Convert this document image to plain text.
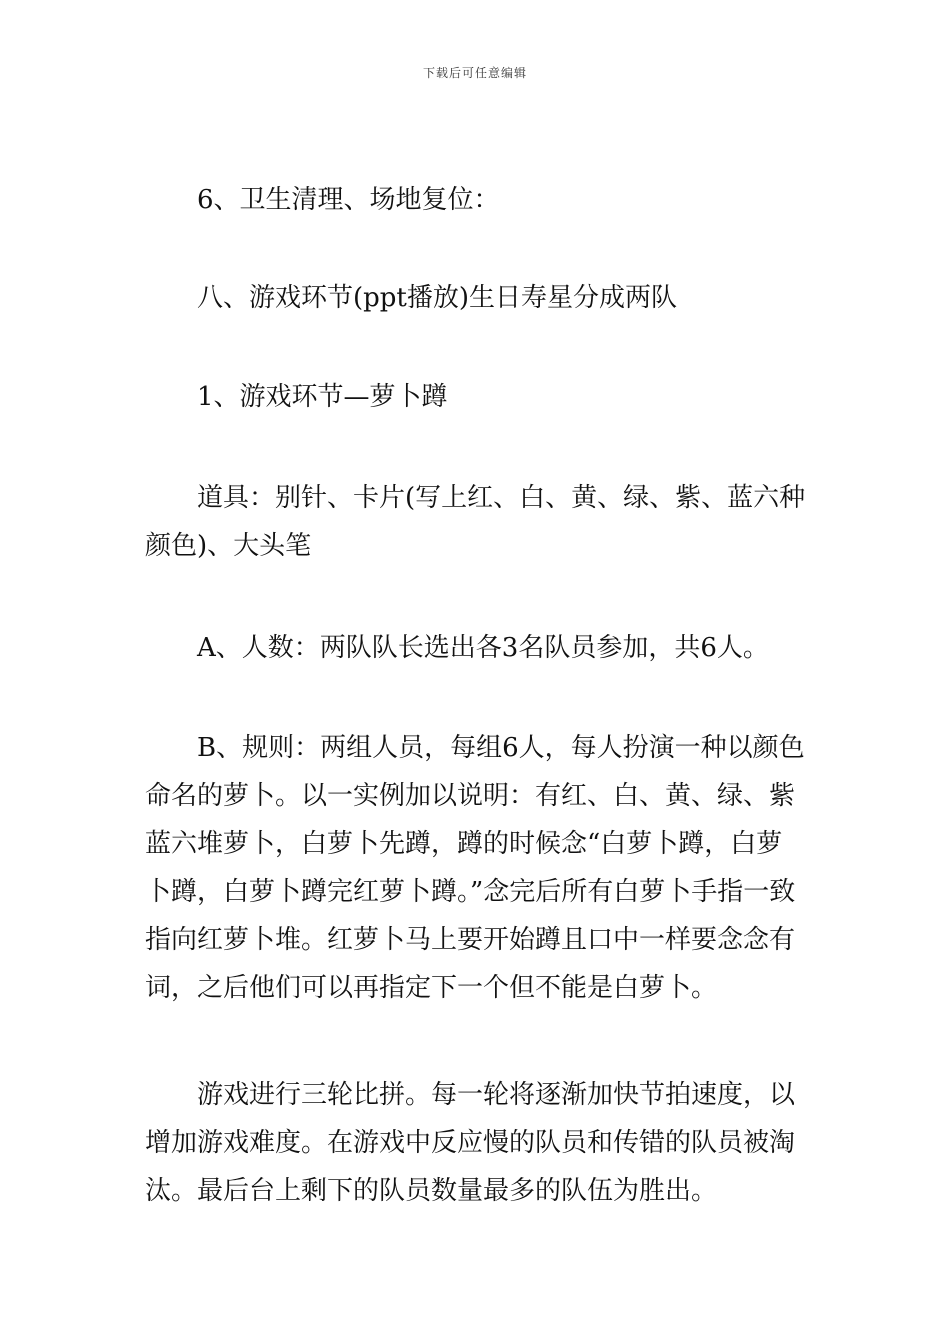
下载后可任意编辑

6、卫生清理、场地复位：

八、游戏环节(ppt播放)生日寿星分成两队

1、游戏环节—萝卜蹲

道具：别针、卡片(写上红、白、黄、绿、紫、蓝六种颜色)、大头笔

A、人数：两队队长选出各3名队员参加，共6人。

B、规则：两组人员，每组6人，每人扮演一种以颜色命名的萝卜。以一实例加以说明：有红、白、黄、绿、紫蓝六堆萝卜，白萝卜先蹲，蹲的时候念“白萝卜蹲，白萝卜蹲，白萝卜蹲完红萝卜蹲。”念完后所有白萝卜手指一致指向红萝卜堆。红萝卜马上要开始蹲且口中一样要念念有词，之后他们可以再指定下一个但不能是白萝卜。

游戏进行三轮比拼。每一轮将逐渐加快节拍速度，以增加游戏难度。在游戏中反应慢的队员和传错的队员被淘汰。最后台上剩下的队员数量最多的队伍为胜出。
